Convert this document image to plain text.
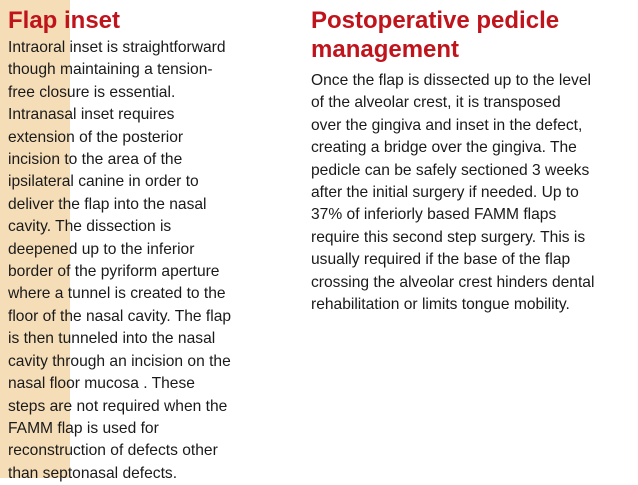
Flap inset

Intraoral inset is straightforward
though maintaining a tension-
free closure is essential.
Intranasal inset requires
extension of the posterior
incision to the area of the
ipsilateral canine in order to
deliver the flap into the nasal
cavity. The dissection is
deepened up to the inferior
border of the pyriform aperture
where a tunnel is created to the
floor of the nasal cavity. The flap
is then tunneled into the nasal
cavity through an incision on the
nasal floor mucosa . These
steps are not required when the
FAMM flap is used for
reconstruction of defects other
than septonasal defects.

Postoperative pedicle
management

Once the flap is dissected up to the level
of the alveolar crest, it is transposed
over the gingiva and inset in the defect,
creating a bridge over the gingiva. The
pedicle can be safely sectioned 3 weeks
after the initial surgery if needed. Up to
37% of inferiorly based FAMM flaps
require this second step surgery. This is
usually required if the base of the flap
crossing the alveolar crest hinders dental
rehabilitation or limits tongue mobility.
